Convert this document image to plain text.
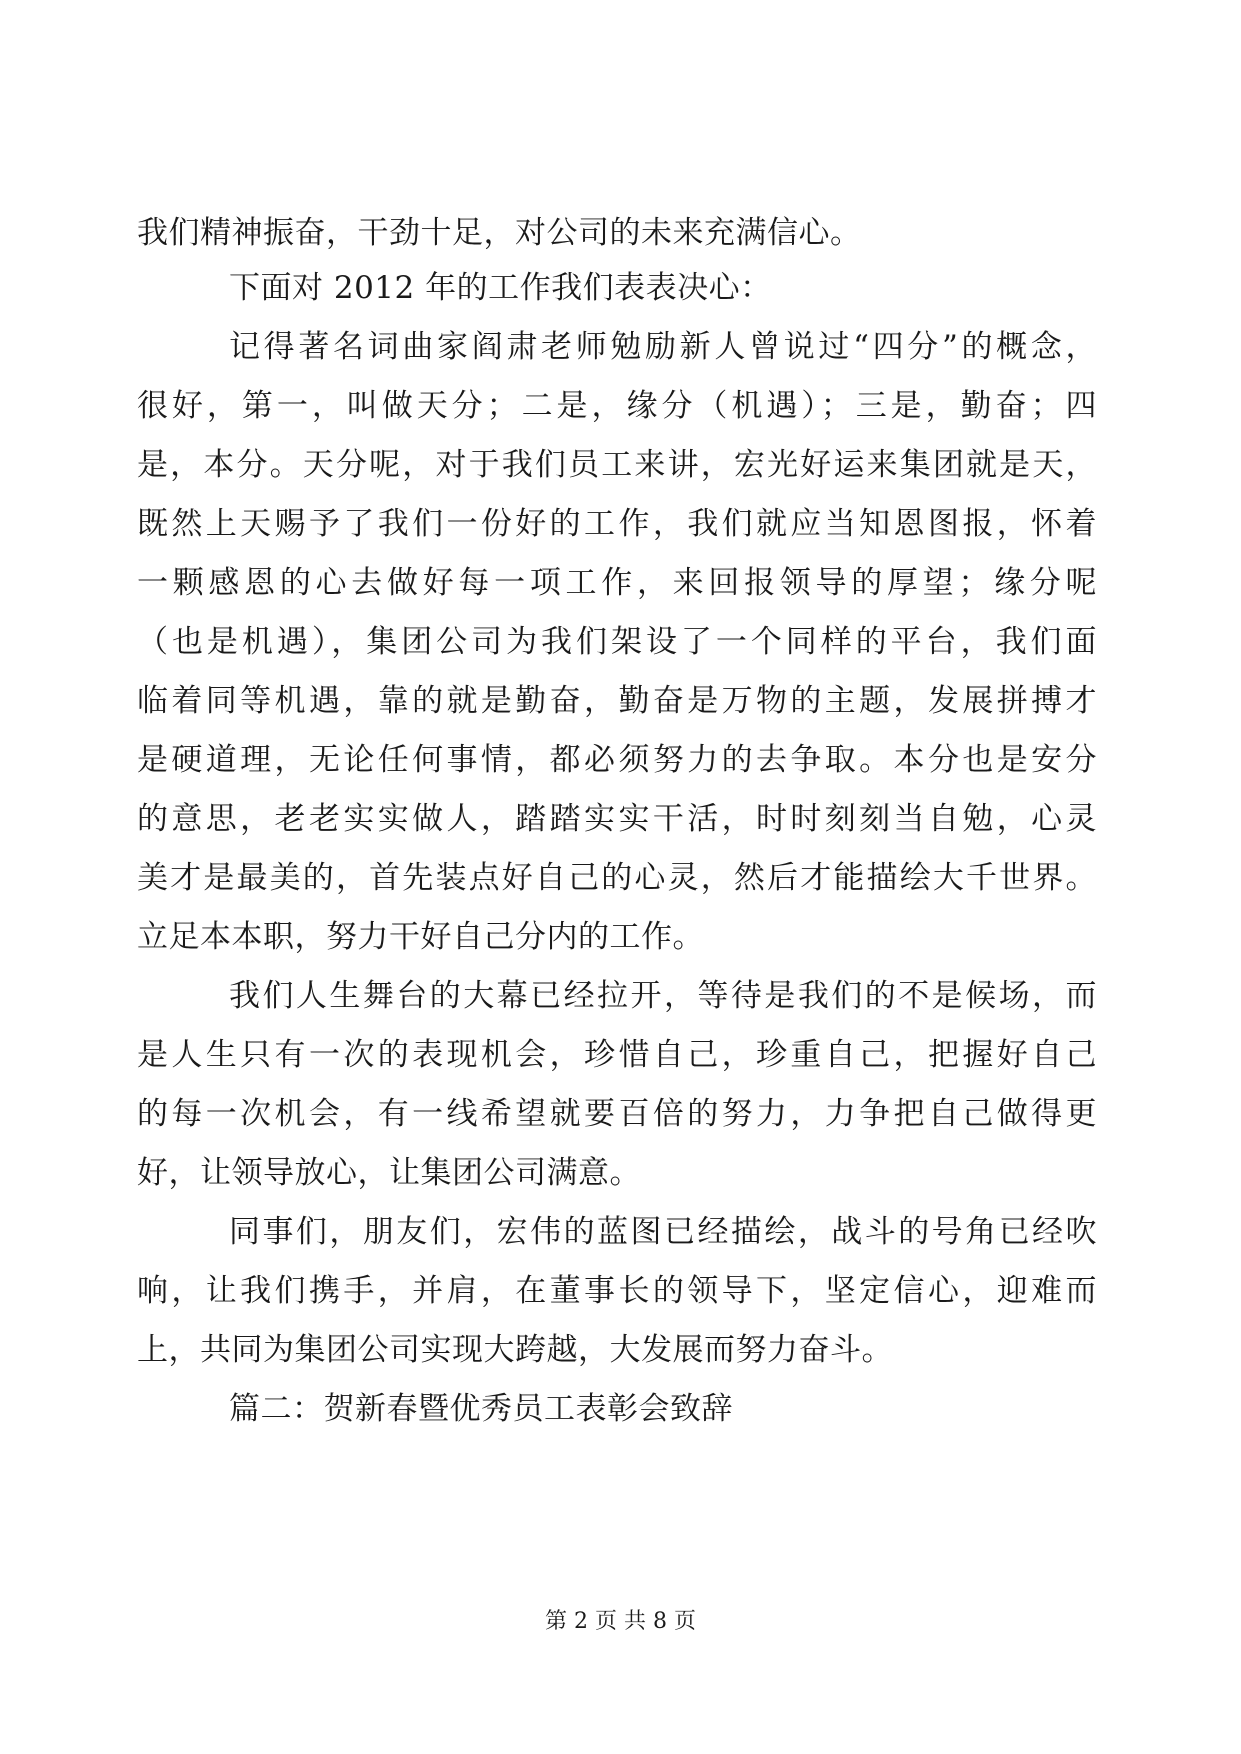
我们精神振奋，干劲十足，对公司的未来充满信心。
下面对 2012 年的工作我们表表决心：
记得著名词曲家阎肃老师勉励新人曾说过“四分”的概念，
很好，第一，叫做天分；二是，缘分（机遇）；三是，勤奋；四
是，本分。天分呢，对于我们员工来讲，宏光好运来集团就是天，
既然上天赐予了我们一份好的工作，我们就应当知恩图报，怀着
一颗感恩的心去做好每一项工作，来回报领导的厚望；缘分呢
（也是机遇），集团公司为我们架设了一个同样的平台，我们面
临着同等机遇，靠的就是勤奋，勤奋是万物的主题，发展拼搏才
是硬道理，无论任何事情，都必须努力的去争取。本分也是安分
的意思，老老实实做人，踏踏实实干活，时时刻刻当自勉，心灵
美才是最美的，首先装点好自己的心灵，然后才能描绘大千世界。
立足本本职，努力干好自己分内的工作。
我们人生舞台的大幕已经拉开，等待是我们的不是候场，而
是人生只有一次的表现机会，珍惜自己，珍重自己，把握好自己
的每一次机会，有一线希望就要百倍的努力，力争把自己做得更
好，让领导放心，让集团公司满意。
同事们，朋友们，宏伟的蓝图已经描绘，战斗的号角已经吹
响，让我们携手，并肩，在董事长的领导下，坚定信心，迎难而
上，共同为集团公司实现大跨越，大发展而努力奋斗。
篇二：贺新春暨优秀员工表彰会致辞
第 2 页 共 8 页
